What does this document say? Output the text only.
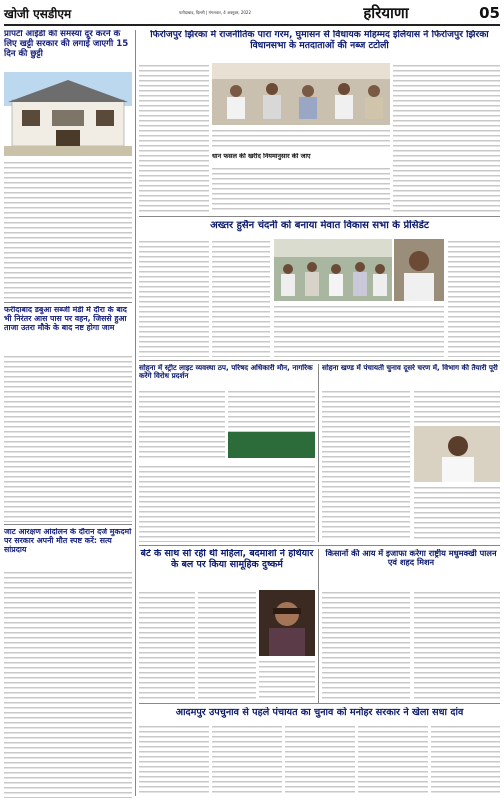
खोजी एसडीएम	फरीदाबाद, दिल्ली | मंगलवार, 4 अक्टूबर, 2022	हरियाणा	05
प्रापर्टी आईडी की समस्या दूर करने के लिए खट्टी सरकार की लगाई जाएगी 15 दिन की छुट्टी
फरीदाबाद डबुआ सब्जी मंडी में दौरा के बाद भी निरंतर आस पास पर वहन, जिससे हुआ ताजा उतरा मौके के बाद नष्ट होगा जाम
जाट आरक्षण आंदोलन के दौरान दर्ज मुकदमों पर सरकार अपनी मौत स्पष्ट करें: सत्य सांप्रदाय
फिरोजपुर झिरका में राजनीतिक पारा गरम, घुमासन से विधायक मोहम्मद इलियास ने फिरोजपुर झिरका विधानसभा के मतदाताओं की नब्ज टटोली
धान फसल की खरीद नियमानुसार की जाए
अख्तर हुसैन चंदनी को बनाया मेवात विकास सभा के प्रेसिडेंट
सोहना में स्ट्रीट लाइट व्यवस्था ठप, परिषद अधिकारी मौन, नागरिक करेंगे विरोध प्रदर्शन
सोहना खण्ड में पंचायती चुनाव दूसरे चरण में, विभाग की तैयारी पूरी
बेटे के साथ सो रही थी महिला, बदमाशों ने हथियार के बल पर किया सामूहिक दुष्कर्म
किसानों की आय में इजाफा करेगा राष्ट्रीय मधुमक्खी पालन एवं शहद मिशन
आदमपुर उपचुनाव से पहले पंचायत का चुनाव को मनोहर सरकार ने खेला सधा दांव
